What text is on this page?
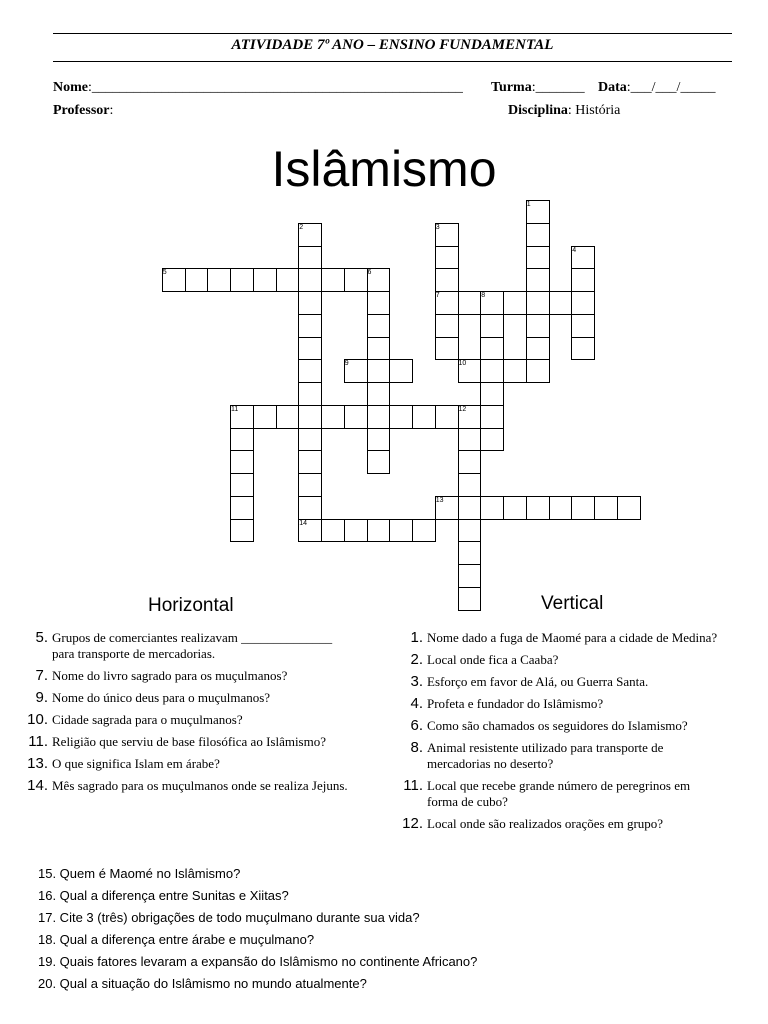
ATIVIDADE 7º ANO – ENSINO FUNDAMENTAL
Nome:_____________________________________________________ Turma:_______ Data:___/___/_____
Professor:	Disciplina: História
Islâmismo
1
2
14
3
7
4
5	6
8
9	10
11	12
13
Horizontal	Vertical
5. Grupos de comerciantes realizavam ______________
para transporte de mercadorias.
7. Nome do livro sagrado para os muçulmanos?
9. Nome do único deus para o muçulmanos?
10. Cidade sagrada para o muçulmanos?
11. Religião que serviu de base filosófica ao Islâmismo?
13. O que significa Islam em árabe?
14. Mês sagrado para os muçulmanos onde se realiza Jejuns.
1. Nome dado a fuga de Maomé para a cidade de Medina?
2. Local onde fica a Caaba?
3. Esforço em favor de Alá, ou Guerra Santa.
4. Profeta e fundador do Islâmismo?
6. Como são chamados os seguidores do Islamismo?
8. Animal resistente utilizado para transporte de
mercadorias no deserto?
11. Local que recebe grande número de peregrinos em
forma de cubo?
12. Local onde são realizados orações em grupo?
15. Quem é Maomé no Islâmismo?
16. Qual a diferença entre Sunitas e Xiitas?
17. Cite 3 (três) obrigações de todo muçulmano durante sua vida?
18. Qual a diferença entre árabe e muçulmano?
19. Quais fatores levaram a expansão do Islâmismo no continente Africano?
20. Qual a situação do Islâmismo no mundo atualmente?
